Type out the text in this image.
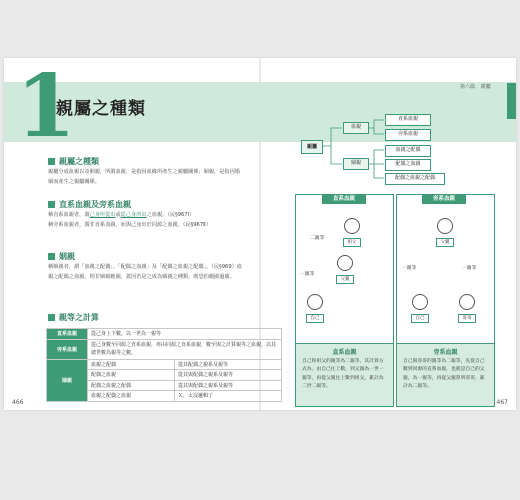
1
親屬之種類
第六篇 親屬
親屬之種類
親屬分成血親以及姻親，所謂血親，是指因血緣所產生之親屬關係；姻親，是指因婚姻而產生之親屬關係。
直系血親及旁系血親
稱直系血親者，謂己身所從出或從己身所出之血親。（民§967Ⅰ）
稱旁系血親者，謂非直系血親，而與己身出於同源之血親。（民§967Ⅱ）
姻親
稱姻親者，謂「血親之配偶」、「配偶之血親」及「配偶之血親之配偶」。（民§969）血親之配偶之血親，則非姻親範圍，蓋因若是之成為姻親之種類，則恐怕範圍過廣。
親等之計算
直系血親	從己身上下數，以一世為一親等	
旁系血親	從己身數至同源之直系血親，再由同源之直系血親，數至與之計算親等之血親，以其總世數為親等之數。	
姻親	血親之配偶	從其配偶之親系及親等
	配偶之血親	從其與配偶之親系及親等
	配偶之血親之配偶	從其與配偶之親系及親等
	血親之配偶之血親	Ｘ，太沒邏輯了
親屬
血親
姻親
直系血親
旁系血親
血親之配偶
配偶之血親
配偶之血親之配偶
直系血親	旁系血親
祖父
父親
自己
二親等
一親等
父親
自己	哥哥
一親等	一親等
直系血親
自己和祖父的親等為二親等，其計算方式為，由自己往上數，到父親為一世一親等，再從父親往上數到祖父，累計為二世二親等。
旁系血親
自己與哥哥的親等為二親等，先從自己數到同源的直系血親，也就是自己的父親，為一親等，再從父親算到哥哥，累計為二親等。
466	467
